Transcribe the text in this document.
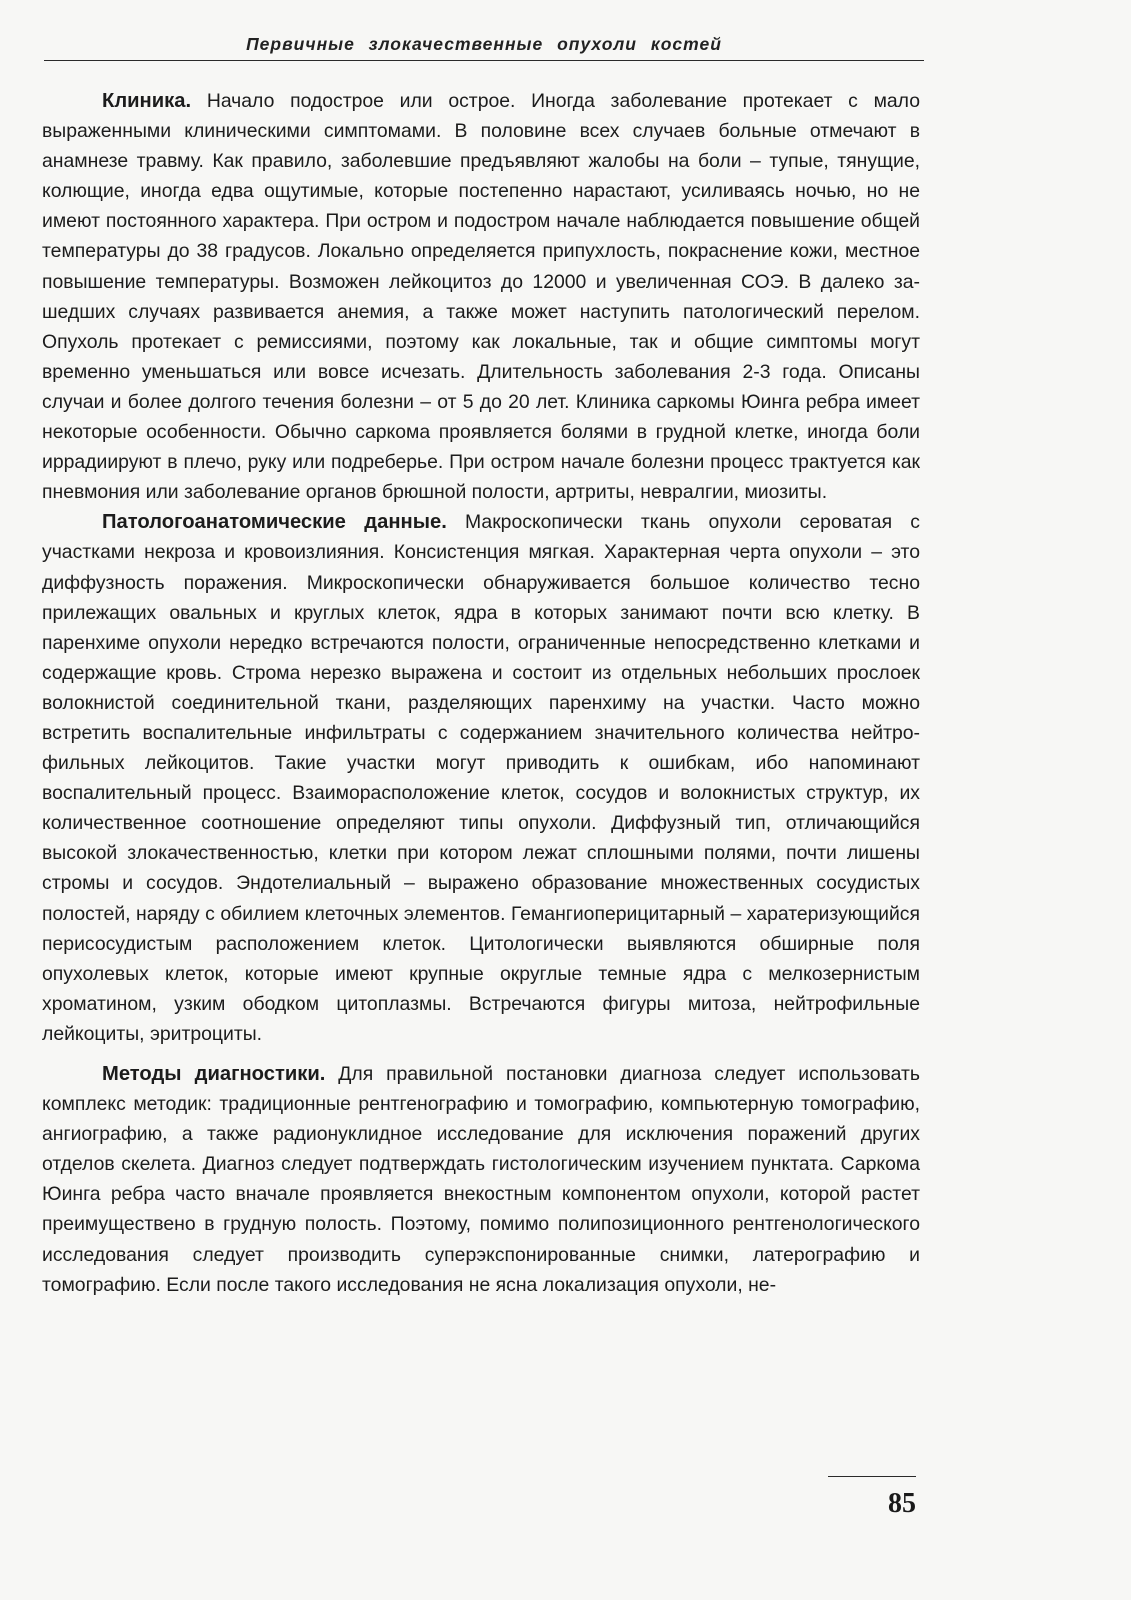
Первичные злокачественные опухоли костей

Клиника. Начало подострое или острое. Иногда заболевание протекает с мало выраженными клиническими симптомами. В половине всех случаев больные отмечают в анамнезе травму. Как правило, заболевшие предъявляют жалобы на боли – тупые, тянущие, колющие, иногда едва ощутимые, которые постепенно нарастают, усиливаясь ночью, но не имеют постоянного характера. При остром и подостром начале наблюдается повышение общей температуры до 38 градусов. Локально определяется припухлость, покраснение кожи, местное повышение температуры. Возможен лейкоцитоз до 12000 и увеличенная СОЭ. В далеко зашедших случаях развивается анемия, а также может наступить патологический перелом. Опухоль протекает с ремиссиями, поэтому как локальные, так и общие симптомы могут временно уменьшаться или вовсе исчезать. Длительность заболевания 2-3 года. Описаны случаи и более долгого течения болезни – от 5 до 20 лет. Клиника саркомы Юинга ребра имеет некоторые особенности. Обычно саркома проявляется болями в грудной клетке, иногда боли иррадиируют в плечо, руку или подреберье. При остром начале болезни процесс трактуется как пневмония или заболевание органов брюшной полости, артриты, невралгии, миозиты.

Патологоанатомические данные. Макроскопически ткань опухоли сероватая с участками некроза и кровоизлияния. Консистенция мягкая. Характерная черта опухоли – это диффузность поражения. Микроскопически обнаруживается большое количество тесно прилежащих овальных и круглых клеток, ядра в которых занимают почти всю клетку. В паренхиме опухоли нередко встречаются полости, ограниченные непосредственно клетками и содержащие кровь. Строма нерезко выражена и состоит из отдельных небольших прослоек волокнистой соединительной ткани, разделяющих паренхиму на участки. Часто можно встретить воспалительные инфильтраты с содержанием значительного количества нейтрофильных лейкоцитов. Такие участки могут приводить к ошибкам, ибо напоминают воспалительный процесс. Взаиморасположение клеток, сосудов и волокнистых структур, их количественное соотношение определяют типы опухоли. Диффузный тип, отличающийся высокой злокачественностью, клетки при котором лежат сплошными полями, почти лишены стромы и сосудов. Эндотелиальный – выражено образование множественных сосудистых полостей, наряду с обилием клеточных элементов. Гемангиоперицитарный – харатеризующийся перисосудистым расположением клеток. Цитологически выявляются обширные поля опухолевых клеток, которые имеют крупные округлые темные ядра с мелкозернистым хроматином, узким ободком цитоплазмы. Встречаются фигуры митоза, нейтрофильные лейкоциты, эритроциты.

Методы диагностики. Для правильной постановки диагноза следует использовать комплекс методик: традиционные рентгенографию и томографию, компьютерную томографию, ангиографию, а также радионуклидное исследование для исключения поражений других отделов скелета. Диагноз следует подтверждать гистологическим изучением пунктата. Саркома Юинга ребра часто вначале проявляется внекостным компонентом опухоли, которой растет преимуществено в грудную полость. Поэтому, помимо полипозиционного рентгенологического исследования следует производить суперэкспонированные снимки, латерографию и томографию. Если после такого исследования не ясна локализация опухоли, не-

85
